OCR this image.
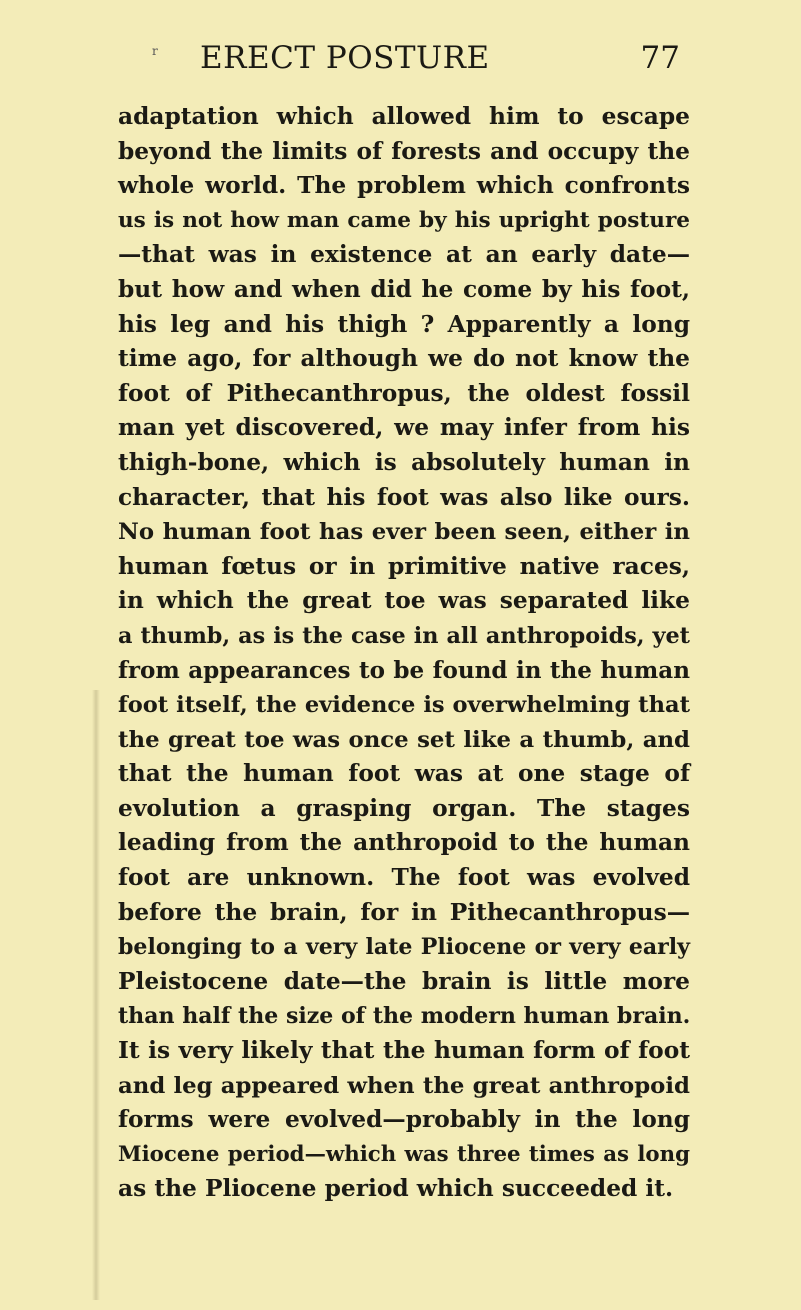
r ERECT POSTURE	77
adaptation which allowed him to escape
beyond the limits of forests and occupy the
whole world. The problem which confronts
us is not how man came by his upright posture
—that was in existence at an early date—
but how and when did he come by his foot,
his leg and his thigh ? Apparently a long
time ago, for although we do not know the
foot of Pithecanthropus, the oldest fossil
man yet discovered, we may infer from his
thigh-bone, which is absolutely human in
character, that his foot was also like ours.
No human foot has ever been seen, either in
human fœtus or in primitive native races,
in which the great toe was separated like
a thumb, as is the case in all anthropoids, yet
from appearances to be found in the human
foot itself, the evidence is overwhelming that
the great toe was once set like a thumb, and
that the human foot was at one stage of
evolution a grasping organ. The stages
leading from the anthropoid to the human
foot are unknown. The foot was evolved
before the brain, for in Pithecanthropus—
belonging to a very late Pliocene or very early
Pleistocene date—the brain is little more
than half the size of the modern human brain.
It is very likely that the human form of foot
and leg appeared when the great anthropoid
forms were evolved—probably in the long
Miocene period—which was three times as long
as the Pliocene period which succeeded it.
